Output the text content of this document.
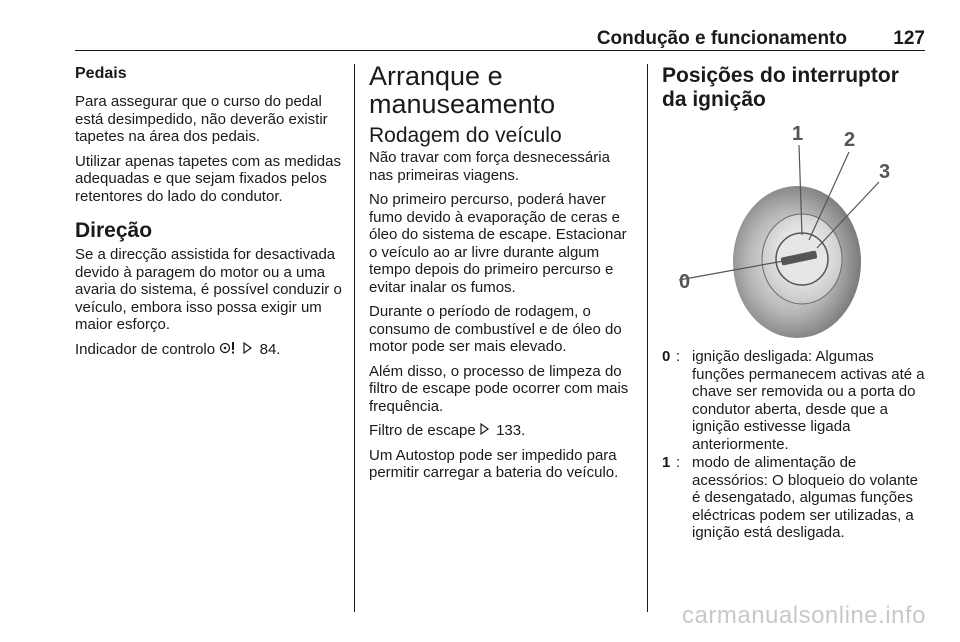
Condução e funcionamento 127
Pedais

Para assegurar que o curso do pedal está desimpedido, não deverão existir tapetes na área dos pedais.

Utilizar apenas tapetes com as medidas adequadas e que sejam fixados pelos retentores do lado do condutor.

Direção

Se a direcção assistida for desactivada devido à paragem do motor ou a uma avaria do sistema, é possível conduzir o veículo, embora isso possa exigir um maior esforço.

Indicador de controlo	84.

Arranque e manuseamento
Rodagem do veículo

Não travar com força desnecessária nas primeiras viagens.

No primeiro percurso, poderá haver fumo devido à evaporação de ceras e óleo do sistema de escape. Estacionar o veículo ao ar livre durante algum tempo depois do primeiro percurso e evitar inalar os fumos.

Durante o período de rodagem, o consumo de combustível e de óleo do motor pode ser mais elevado.

Além disso, o processo de limpeza do filtro de escape pode ocorrer com mais frequência.

Filtro de escape 133.

Um Autostop pode ser impedido para permitir carregar a bateria do veículo.

Posições do interruptor da ignição
0
1 2
3
0 : ignição desligada: Algumas funções permanecem activas até a chave ser removida ou a porta do condutor aberta, desde que a ignição estivesse ligada anteriormente.
1 : modo de alimentação de acessórios: O bloqueio do volante é desengatado, algumas funções eléctricas podem ser utilizadas, a ignição está desligada.
carmanualsonline.info
